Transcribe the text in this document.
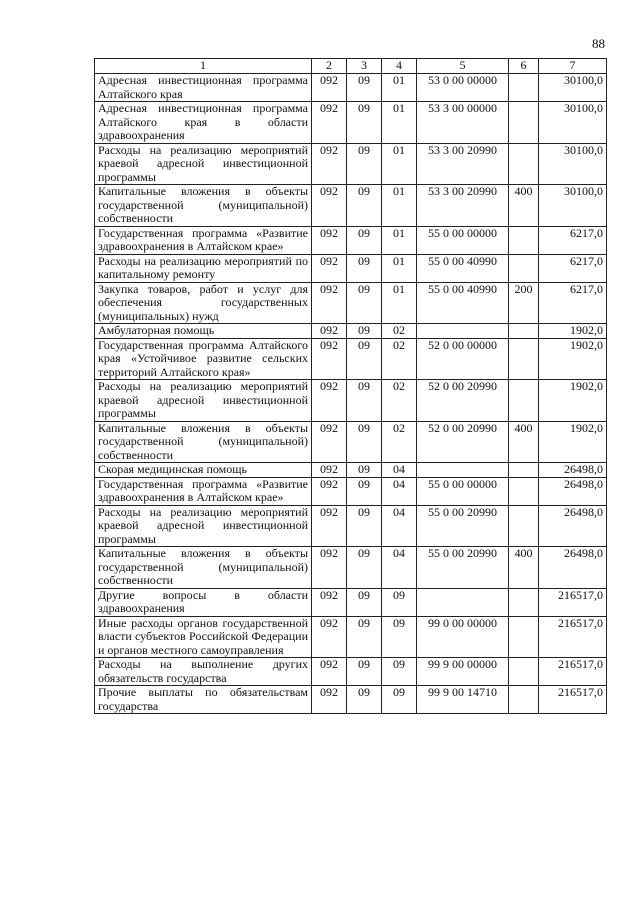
88
1	2	3	4	5	6	7
Адресная инвестиционная программа Алтайского края	092	09	01	53 0 00 00000		30100,0
Адресная инвестиционная программа Алтайского края в области здравоохранения	092	09	01	53 3 00 00000		30100,0
Расходы на реализацию мероприятий краевой адресной инвестиционной программы	092	09	01	53 3 00 20990		30100,0
Капитальные вложения в объекты государственной (муниципальной) собственности	092	09	01	53 3 00 20990	400	30100,0
Государственная программа «Развитие здравоохранения в Алтайском крае»	092	09	01	55 0 00 00000		6217,0
Расходы на реализацию мероприятий по капитальному ремонту	092	09	01	55 0 00 40990		6217,0
Закупка товаров, работ и услуг для обеспечения государственных (муниципальных) нужд	092	09	01	55 0 00 40990	200	6217,0
Амбулаторная помощь	092	09	02			1902,0
Государственная программа Алтайского края «Устойчивое развитие сельских территорий Алтайского края»	092	09	02	52 0 00 00000		1902,0
Расходы на реализацию мероприятий краевой адресной инвестиционной программы	092	09	02	52 0 00 20990		1902,0
Капитальные вложения в объекты государственной (муниципальной) собственности	092	09	02	52 0 00 20990	400	1902,0
Скорая медицинская помощь	092	09	04			26498,0
Государственная программа «Развитие здравоохранения в Алтайском крае»	092	09	04	55 0 00 00000		26498,0
Расходы на реализацию мероприятий краевой адресной инвестиционной программы	092	09	04	55 0 00 20990		26498,0
Капитальные вложения в объекты государственной (муниципальной) собственности	092	09	04	55 0 00 20990	400	26498,0
Другие вопросы в области здравоохранения	092	09	09			216517,0
Иные расходы органов государственной власти субъектов Российской Федерации и органов местного самоуправления	092	09	09	99 0 00 00000		216517,0
Расходы на выполнение других обязательств государства	092	09	09	99 9 00 00000		216517,0
Прочие выплаты по обязательствам государства	092	09	09	99 9 00 14710		216517,0
